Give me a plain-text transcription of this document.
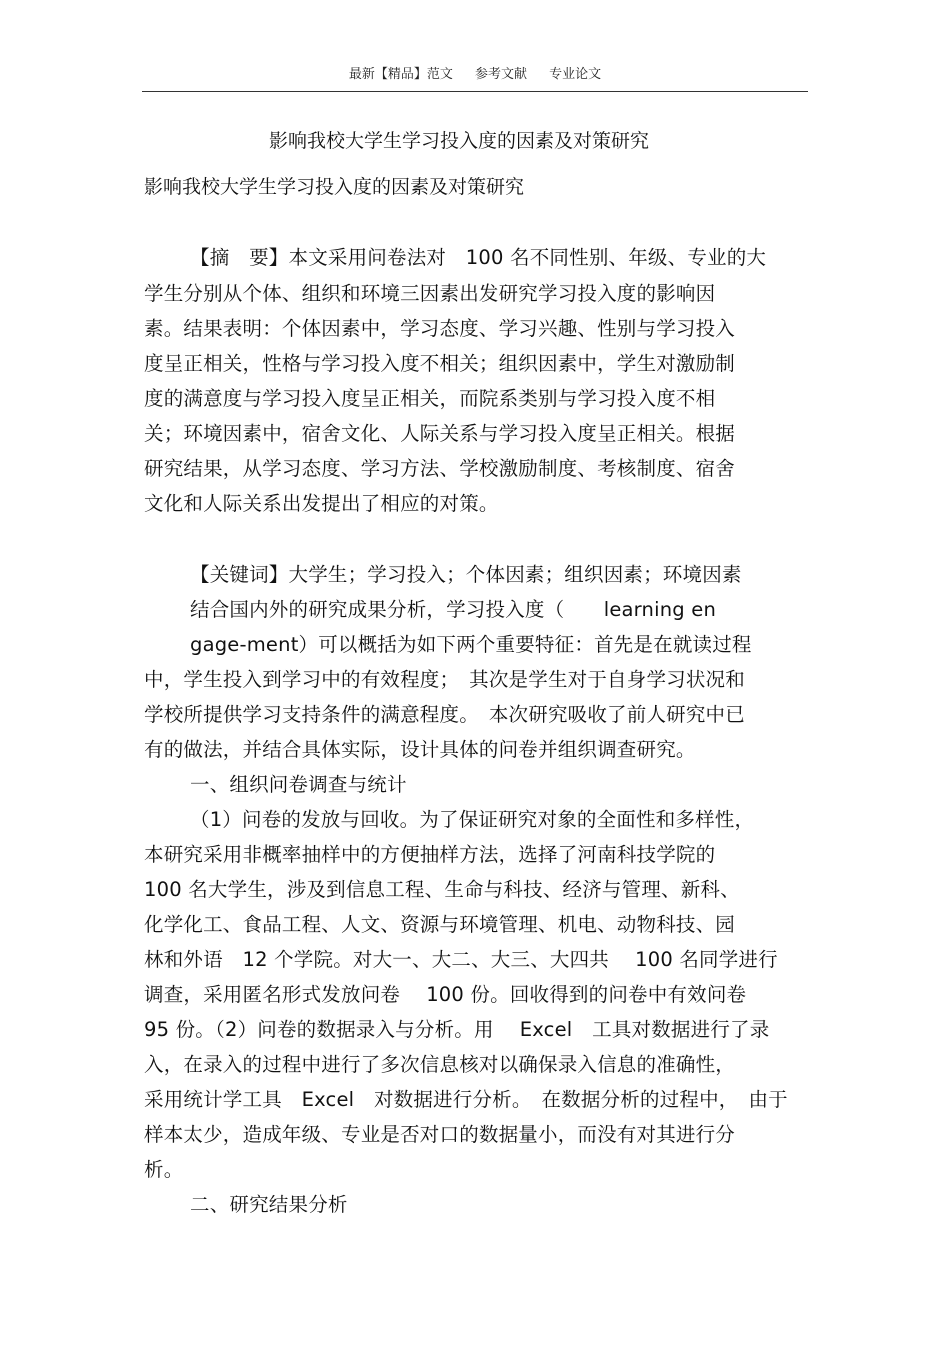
最新【精品】范文 参考文献 专业论文
影响我校大学生学习投入度的因素及对策研究
影响我校大学生学习投入度的因素及对策研究
【摘　要】本文采用问卷法对　100 名不同性别、年级、专业的大
学生分别从个体、组织和环境三因素出发研究学习投入度的影响因
素。结果表明：个体因素中，学习态度、学习兴趣、性别与学习投入
度呈正相关，性格与学习投入度不相关；组织因素中，学生对激励制
度的满意度与学习投入度呈正相关，而院系类别与学习投入度不相
关；环境因素中，宿舍文化、人际关系与学习投入度呈正相关。根据
研究结果，从学习态度、学习方法、学校激励制度、考核制度、宿舍
文化和人际关系出发提出了相应的对策。
【关键词】大学生；学习投入；个体因素；组织因素；环境因素
结合国内外的研究成果分析，学习投入度（　　learning en
gage-ment）可以概括为如下两个重要特征：首先是在就读过程
中，学生投入到学习中的有效程度；　其次是学生对于自身学习状况和
学校所提供学习支持条件的满意程度。　本次研究吸收了前人研究中已
有的做法，并结合具体实际，设计具体的问卷并组织调查研究。
一、组织问卷调查与统计
（1）问卷的发放与回收。为了保证研究对象的全面性和多样性，
本研究采用非概率抽样中的方便抽样方法，选择了河南科技学院的
100 名大学生，涉及到信息工程、生命与科技、经济与管理、新科、
化学化工、食品工程、人文、资源与环境管理、机电、动物科技、园
林和外语　12 个学院。对大一、大二、大三、大四共　 100 名同学进行
调查，采用匿名形式发放问卷　 100 份。回收得到的问卷中有效问卷
95 份。（2）问卷的数据录入与分析。用　 Excel　工具对数据进行了录
入，在录入的过程中进行了多次信息核对以确保录入信息的准确性，
采用统计学工具　Excel　对数据进行分析。　在数据分析的过程中，　由于
样本太少，造成年级、专业是否对口的数据量小，而没有对其进行分
析。
二、研究结果分析
